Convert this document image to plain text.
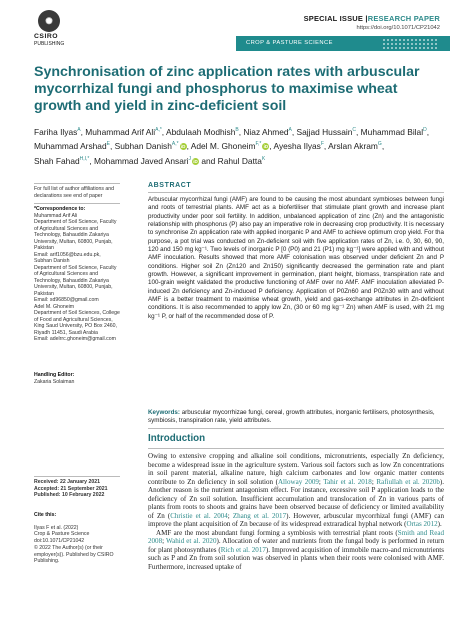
✺
CSIRO
PUBLISHING
SPECIAL ISSUE |RESEARCH PAPER
https://doi.org/10.1071/CP21042
CROP & PASTURE SCIENCE
Synchronisation of zinc application rates with arbuscular mycorrhizal fungi and phosphorus to maximise wheat growth and yield in zinc-deficient soil
Fariha Ilyas$^A$, Muhammad Arif Ali$^{A,*}$, Abdulaah Modhish$^B$, Niaz Ahmed$^A$, Sajjad Hussain$^C$, Muhammad Bilal$^D$,
Muhammad Arshad$^E$, Subhan Danish$^{A,*}$ iD, Adel M. Ghoneim$^{F,*}$ iD, Ayesha Ilyas$^F$, Arslan Akram$^G$,
Shah Fahad$^{H,I,*}$, Mohammad Javed Ansari$^J$ iD and Rahul Datta$^K$
For full list of author affiliations and declarations see end of paper
*Correspondence to:
Muhammad Arif Ali
Department of Soil Science, Faculty of Agricultural Sciences and Technology, Bahauddin Zakariya University, Multan, 60800, Punjab, Pakistan
Email: arif1056@bzu.edu.pk,
Subhan Danish
Department of Soil Science, Faculty of Agricultural Sciences and Technology, Bahauddin Zakariya University, Multan, 60800, Punjab, Pakistan
Email: sd96850@gmail.com
Adel M. Ghoneim
Department of Soil Sciences, College of Food and Agricultural Sciences, King Saud University, PO Box 2460, Riyadh 11451, Saudi Arabia
Email: adelrrc.ghoneim@gmail.com
Handling Editor:
Zakaria Solaiman
Received: 22 January 2021
Accepted: 21 September 2021
Published: 10 February 2022

Cite this:

Ilyas F et al. (2022)
Crop & Pasture Science
doi:10.1071/CP21042

© 2022 The Author(s) (or their employer(s)). Published by CSIRO Publishing.
ABSTRACT
Arbuscular mycorrhizal fungi (AMF) are found to be causing the most abundant symbioses between fungi and roots of terrestrial plants. AMF act as a biofertiliser that stimulate plant growth and increase plant productivity under poor soil fertility. In addition, unbalanced application of zinc (Zn) and the antagonistic relationship with phosphorus (P) also pay an imperative role in decreasing crop productivity. It is necessary to synchronise Zn application rate with applied inorganic P and AMF to achieve optimum crop yield. For tha purpose, a pot trial was conducted on Zn-deficient soil with five application rates of Zn, i.e. 0, 30, 60, 90, 120 and 150 mg kg⁻¹. Two levels of inorganic P [0 (P0) and 21 (P1) mg kg⁻¹] were applied with and without AMF inoculation. Results showed that more AMF colonisation was observed under deficient Zn and P conditions. Higher soil Zn (Zn120 and Zn150) significantly decreased the germination rate and plant growth. However, a significant improvement in germination, plant height, biomass, transpiration rate and 100-grain weight validated the productive functioning of AMF over no AMF. AMF inoculation alleviated P-induced Zn deficiency and Zn-induced P deficiency. Application of P0Zn60 and P0Zn30 with and without AMF is a better treatment to maximise wheat growth, yield and gas-exchange attributes in Zn-deficient conditions. It is also recommended to apply low Zn, (30 or 60 mg kg⁻¹ Zn) when AMF is used, with 21 mg kg⁻¹ P, or half of the recommended dose of P.
Keywords: arbuscular mycorrhizae fungi, cereal, growth attributes, inorganic fertilisers, photosynthesis, symbiosis, transpiration rate, yield attributes.
Introduction

Owing to extensive cropping and alkaline soil conditions, micronutrients, especially Zn deficiency, become a widespread issue in the agriculture system. Various soil factors such as low Zn concentrations in soil parent material, alkaline nature, high calcium carbonates and low organic matter contents contribute to Zn deficiency in soil solution (Alloway 2009; Tahir et al. 2018; Rafiullah et al. 2020b). Another reason is the nutrient antagonism effect. For instance, excessive soil P application leads to the deficiency of Zn soil solution. Insufficient accumulation and translocation of Zn in various parts of plants from roots to shoots and grains have been observed because of deficiency or limited availability of Zn (Christie et al. 2004; Zhang et al. 2017). However, arbuscular mycorrhizal fungi (AMF) can improve the plant acquisition of Zn because of its widespread extraradical hyphal network (Ortas 2012).

AMF are the most abundant fungi forming a symbiosis with terrestrial plant roots (Smith and Read 2008; Wahid et al. 2020). Allocation of water and nutrients from the fungal body is performed in return for plant photosynthates (Rich et al. 2017). Improved acquisition of immobile macro-and micronutrients such as P and Zn from soil solution was observed in plants when their roots were colonised with AMF. Furthermore, increased uptake of
